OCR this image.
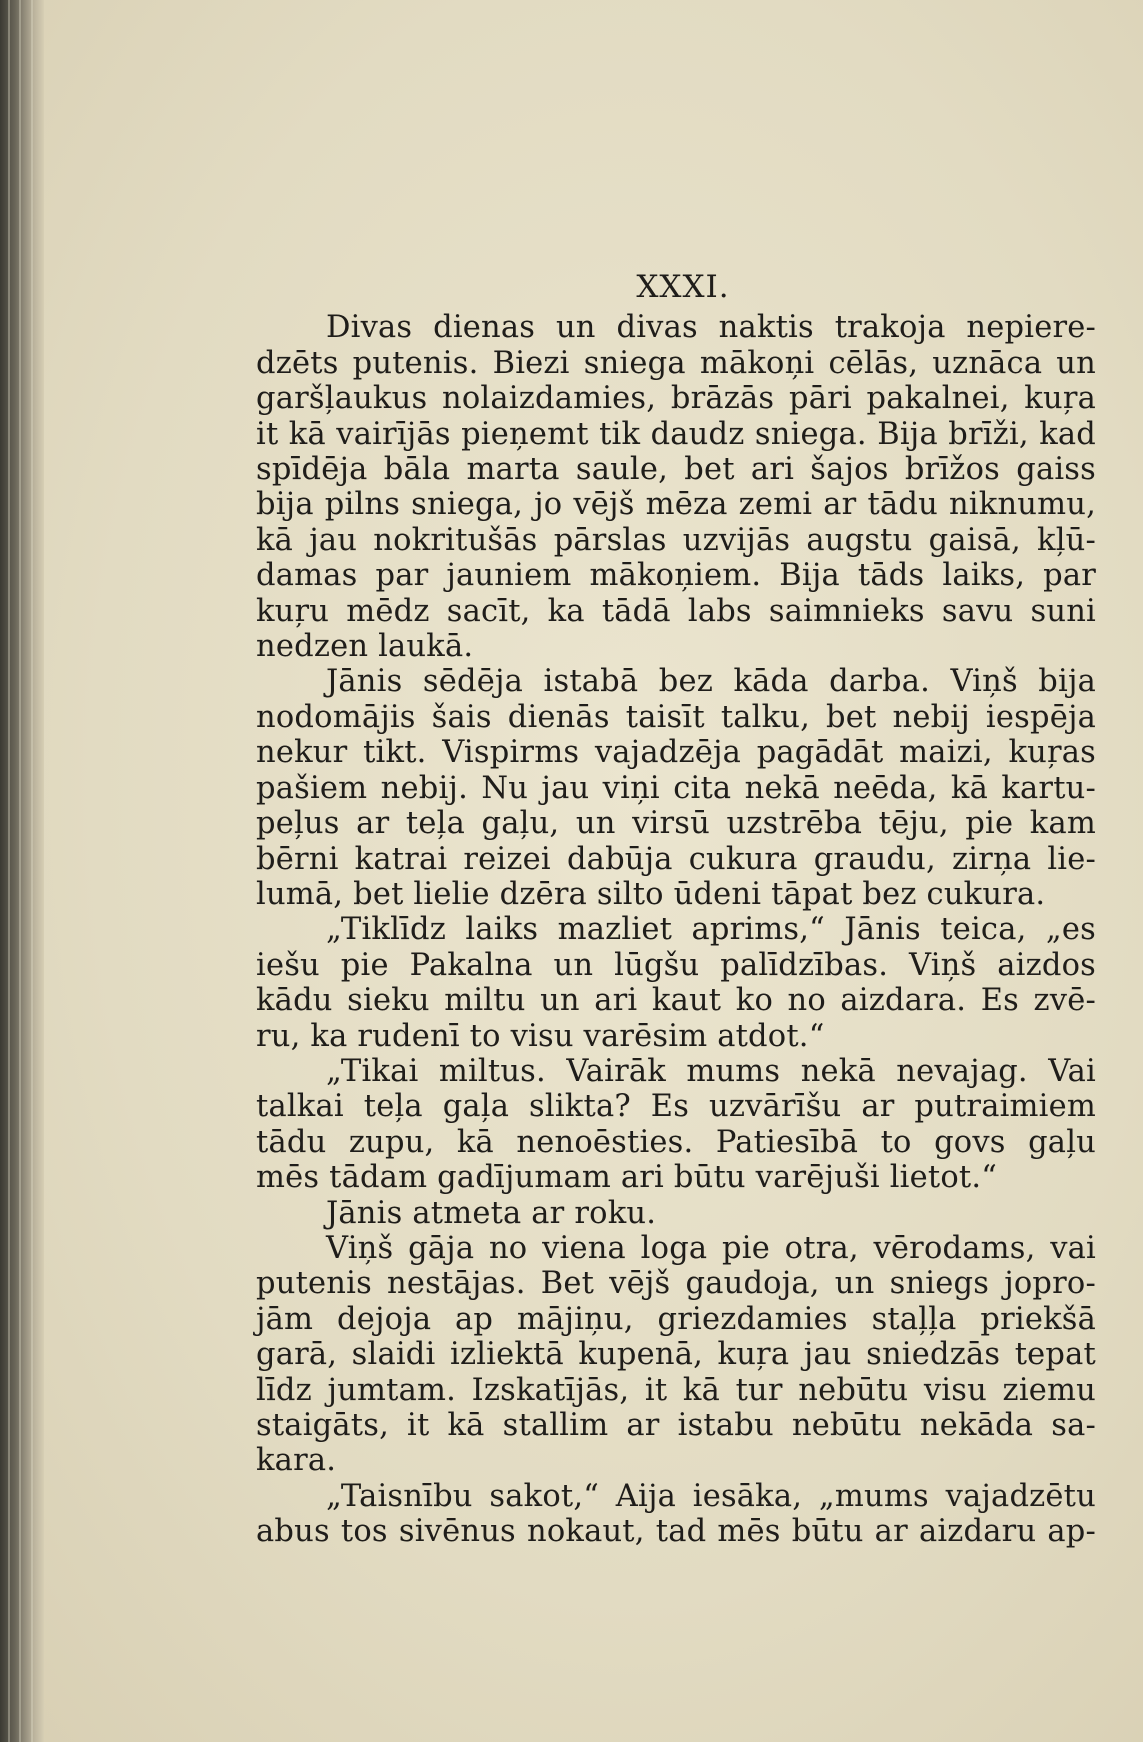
XXXI.
Divas dienas un divas naktis trakoja nepiere-
dzēts putenis. Biezi sniega mākoņi cēlās, uznāca un
garšļaukus nolaizdamies, brāzās pāri pakalnei, kuŗa
it kā vairījās pieņemt tik daudz sniega. Bija brīži, kad
spīdēja bāla marta saule, bet ari šajos brīžos gaiss
bija pilns sniega, jo vējš mēza zemi ar tādu niknumu,
kā jau nokritušās pārslas uzvijās augstu gaisā, kļū-
damas par jauniem mākoņiem. Bija tāds laiks, par
kuŗu mēdz sacīt, ka tādā labs saimnieks savu suni
nedzen laukā.
Jānis sēdēja istabā bez kāda darba. Viņš bija
nodomājis šais dienās taisīt talku, bet nebij iespēja
nekur tikt. Vispirms vajadzēja pagādāt maizi, kuŗas
pašiem nebij. Nu jau viņi cita nekā neēda, kā kartu-
peļus ar teļa gaļu, un virsū uzstrēba tēju, pie kam
bērni katrai reizei dabūja cukura graudu, zirņa lie-
lumā, bet lielie dzēra silto ūdeni tāpat bez cukura.
„Tiklīdz laiks mazliet aprims,“ Jānis teica, „es
iešu pie Pakalna un lūgšu palīdzības. Viņš aizdos
kādu sieku miltu un ari kaut ko no aizdara. Es zvē-
ru, ka rudenī to visu varēsim atdot.“
„Tikai miltus. Vairāk mums nekā nevajag. Vai
talkai teļa gaļa slikta? Es uzvārīšu ar putraimiem
tādu zupu, kā nenoēsties. Patiesībā to govs gaļu
mēs tādam gadījumam ari būtu varējuši lietot.“
Jānis atmeta ar roku.
Viņš gāja no viena loga pie otra, vērodams, vai
putenis nestājas. Bet vējš gaudoja, un sniegs jopro-
jām dejoja ap mājiņu, griezdamies staļļa priekšā
garā, slaidi izliektā kupenā, kuŗa jau sniedzās tepat
līdz jumtam. Izskatījās, it kā tur nebūtu visu ziemu
staigāts, it kā stallim ar istabu nebūtu nekāda sa-
kara.
„Taisnību sakot,“ Aija iesāka, „mums vajadzētu
abus tos sivēnus nokaut, tad mēs būtu ar aizdaru ap-
